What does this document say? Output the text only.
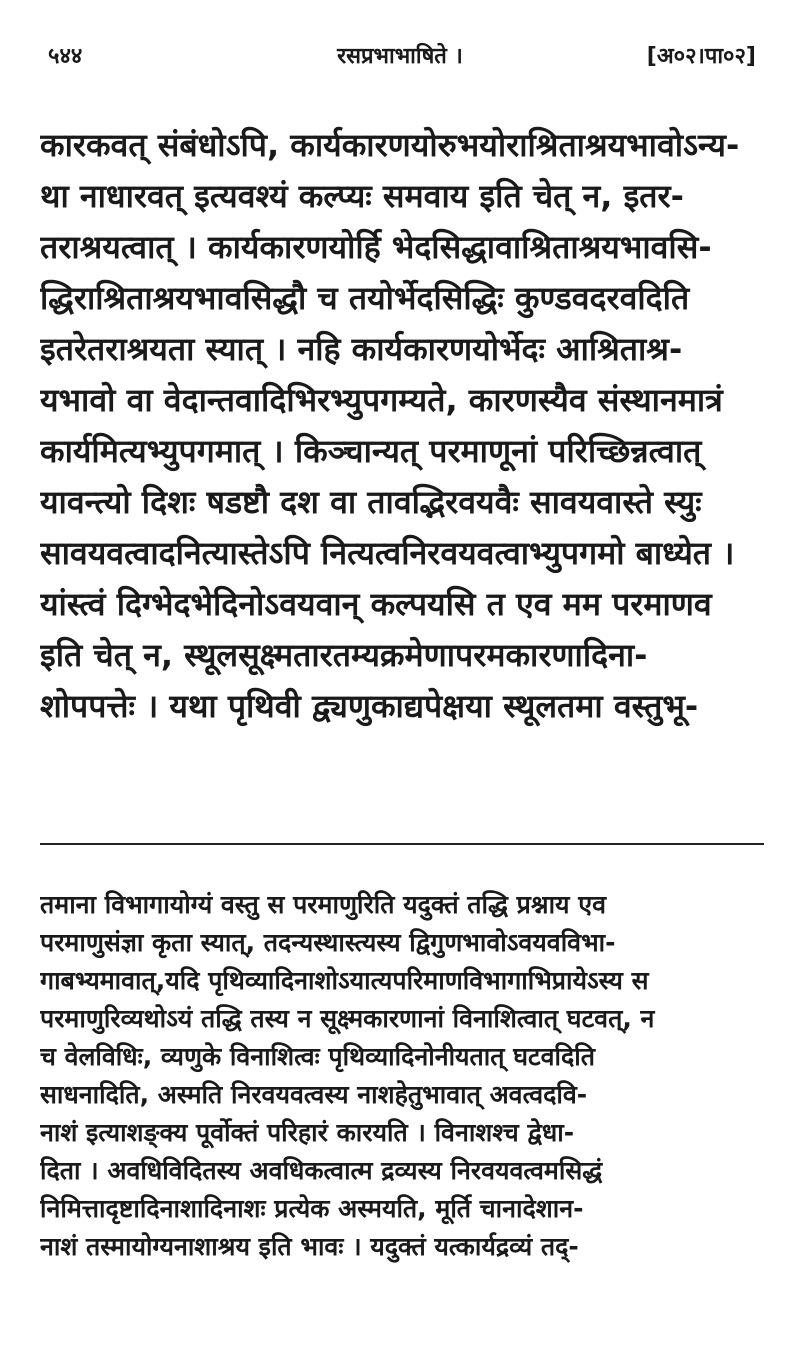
५४४	रसप्रभाभाषिते ।	[अ०२।पा०२]
कारकवत् संबंधोऽपि, कार्यकारणयोरुभयोराश्रिताश्रयभावोऽन्य-
था नाधारवत् इत्यवश्यं कल्प्यः समवाय इति चेत् न, इतर-
तराश्रयत्वात् । कार्यकारणयोर्हि भेदसिद्धावाश्रिताश्रयभावसि-
द्धिराश्रिताश्रयभावसिद्धौ च तयोर्भेदसिद्धिः कुण्डवदरवदिति
इतरेतराश्रयता स्यात् । नहि कार्यकारणयोर्भेदः आश्रिताश्र-
यभावो वा वेदान्तवादिभिरभ्युपगम्यते, कारणस्यैव संस्थानमात्रं
कार्यमित्यभ्युपगमात् । किञ्चान्यत् परमाणूनां परिच्छिन्नत्वात्
यावन्त्यो दिशः षडष्टौ दश वा तावद्भिरवयवैः सावयवास्ते स्युः
सावयवत्वादनित्यास्तेऽपि नित्यत्वनिरवयवत्वाभ्युपगमो बाध्येत ।
यांस्त्वं दिग्भेदभेदिनोऽवयवान् कल्पयसि त एव मम परमाणव
इति चेत् न, स्थूलसूक्ष्मतारतम्यक्रमेणापरमकारणादिना-
शोपपत्तेः । यथा पृथिवी द्व्यणुकाद्यपेक्षया स्थूलतमा वस्तुभू-
तमाना विभागायोग्यं वस्तु स परमाणुरिति यदुक्तं तद्धि प्रश्नाय एव
परमाणुसंज्ञा कृता स्यात्, तदन्यस्थास्त्यस्य द्विगुणभावोऽवयवविभा-
गाबभ्यमावात्,यदि पृथिव्यादिनाशोऽयात्यपरिमाणविभागाभिप्रायेऽस्य स
परमाणुरिव्यथोऽयं तद्धि तस्य न सूक्ष्मकारणानां विनाशित्वात् घटवत्, न
च वेलविधिः, व्यणुके विनाशित्वः पृथिव्यादिनोनीयतात् घटवदिति
साधनादिति, अस्मति निरवयवत्वस्य नाशहेतुभावात् अवत्वदवि-
नाशं इत्याशङ्क्य पूर्वोक्तं परिहारं कारयति । विनाशश्च द्वेधा-
दिता । अवधिविदितस्य अवधिकत्वात्म द्रव्यस्य निरवयवत्वमसिद्धं
निमित्तादृष्टादिनाशादिनाशः प्रत्येक अस्मयति, मूर्ति चानादेशान-
नाशं तस्मायोग्यनाशाश्रय इति भावः । यदुक्तं यत्कार्यद्रव्यं तद्-
